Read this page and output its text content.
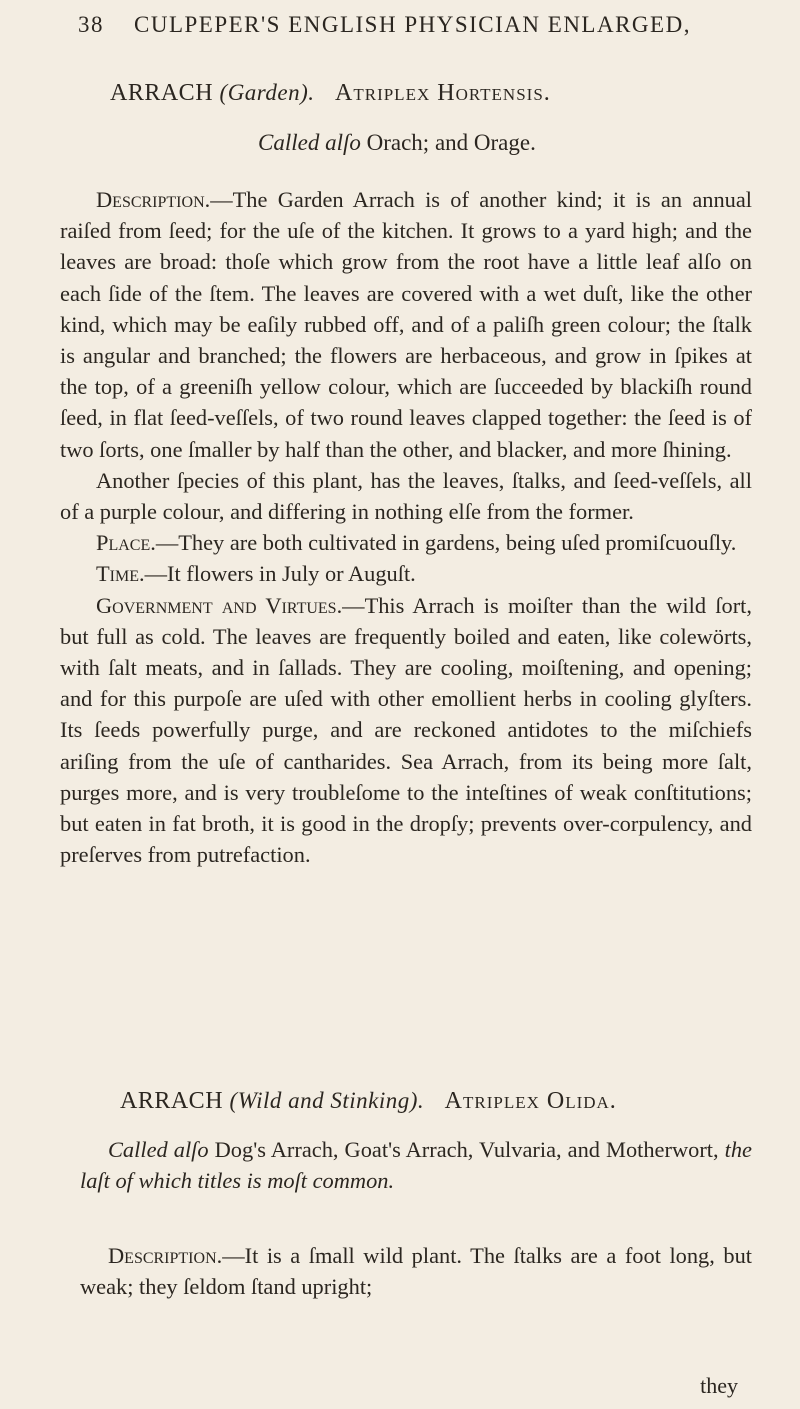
38 CULPEPER'S ENGLISH PHYSICIAN ENLARGED,
ARRACH (Garden). Atriplex Hortensis.
Called alſo Orach; and Orage.

Description.—The Garden Arrach is of another kind; it is an annual raiſed from ſeed; for the uſe of the kitchen. It grows to a yard high; and the leaves are broad: thoſe which grow from the root have a little leaf alſo on each ſide of the ſtem. The leaves are covered with a wet duſt, like the other kind, which may be eaſily rubbed off, and of a paliſh green colour; the ſtalk is angular and branched; the flowers are herbaceous, and grow in ſpikes at the top, of a greeniſh yellow colour, which are ſucceeded by blackiſh round ſeed, in flat ſeed-veſſels, of two round leaves clapped together: the ſeed is of two ſorts, one ſmaller by half than the other, and blacker, and more ſhining.

Another ſpecies of this plant, has the leaves, ſtalks, and ſeed-veſſels, all of a purple colour, and differing in nothing elſe from the former.

Place.—They are both cultivated in gardens, being uſed promiſcuouſly.

Time.—It flowers in July or Auguſt.

Government and Virtues.—This Arrach is moiſter than the wild ſort, but full as cold. The leaves are frequently boiled and eaten, like colewörts, with ſalt meats, and in ſallads. They are cooling, moiſtening, and opening; and for this purpoſe are uſed with other emollient herbs in cooling glyſters. Its ſeeds powerfully purge, and are reckoned antidotes to the miſchiefs ariſing from the uſe of cantharides. Sea Arrach, from its being more ſalt, purges more, and is very troubleſome to the inteſtines of weak conſtitutions; but eaten in fat broth, it is good in the dropſy; prevents over-corpulency, and preſerves from putrefaction.

ARRACH (Wild and Stinking). Atriplex Olida.

Called alſo Dog's Arrach, Goat's Arrach, Vulvaria, and Motherwort, the laſt of which titles is moſt common.

Description.—It is a ſmall wild plant. The ſtalks are a foot long, but weak; they ſeldom ſtand upright;

they
